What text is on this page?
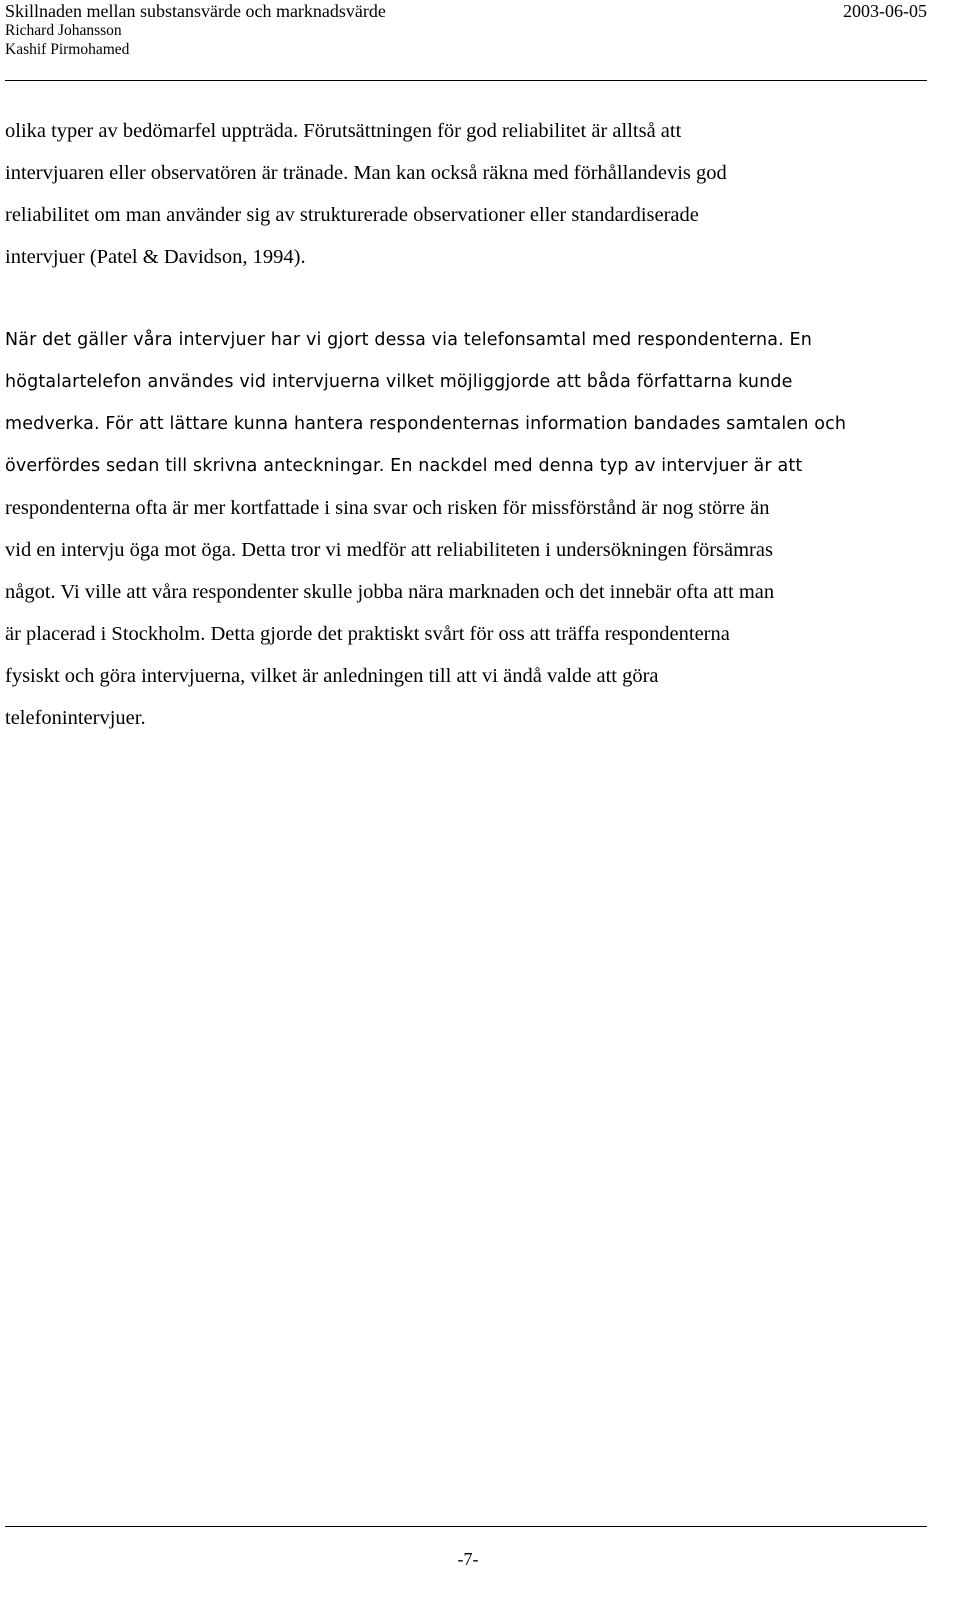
Skillnaden mellan substansvärde och marknadsvärde	2003-06-05
Richard Johansson
Kashif Pirmohamed
olika typer av bedömarfel uppträda. Förutsättningen för god reliabilitet är alltså att
intervjuaren eller observatören är tränade. Man kan också räkna med förhållandevis god
reliabilitet om man använder sig av strukturerade observationer eller standardiserade
intervjuer (Patel & Davidson, 1994).
När det gäller våra intervjuer har vi gjort dessa via telefonsamtal med respondenterna. En
högtalartelefon användes vid intervjuerna vilket möjliggjorde att båda författarna kunde
medverka. För att lättare kunna hantera respondenternas information bandades samtalen och
överfördes sedan till skrivna anteckningar. En nackdel med denna typ av intervjuer är att
respondenterna ofta är mer kortfattade i sina svar och risken för missförstånd är nog större än
vid en intervju öga mot öga. Detta tror vi medför att reliabiliteten i undersökningen försämras
något. Vi ville att våra respondenter skulle jobba nära marknaden och det innebär ofta att man
är placerad i Stockholm. Detta gjorde det praktiskt svårt för oss att träffa respondenterna
fysiskt och göra intervjuerna, vilket är anledningen till att vi ändå valde att göra
telefonintervjuer.
-7-
